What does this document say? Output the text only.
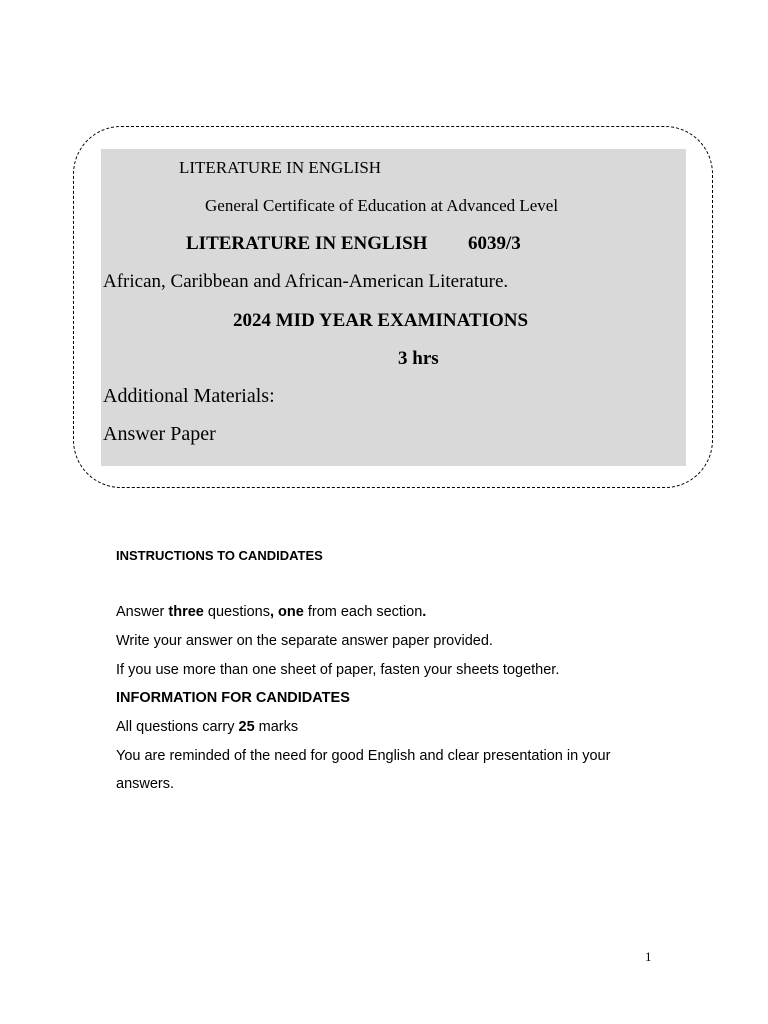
LITERATURE IN ENGLISH
General Certificate of Education at Advanced Level
LITERATURE IN ENGLISH 6039/3
African, Caribbean and African-American Literature.
2024 MID YEAR EXAMINATIONS
3 hrs
Additional Materials:
Answer Paper
INSTRUCTIONS TO CANDIDATES
Answer three questions, one from each section.
Write your answer on the separate answer paper provided.
If you use more than one sheet of paper, fasten your sheets together.
INFORMATION FOR CANDIDATES
All questions carry 25 marks
You are reminded of the need for good English and clear presentation in your
answers.
1
